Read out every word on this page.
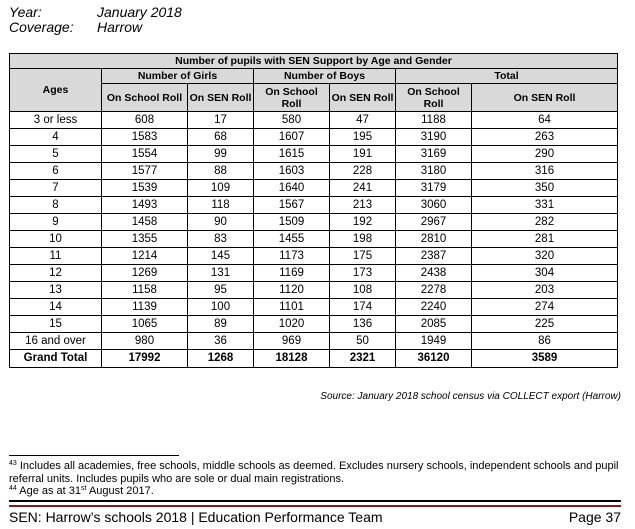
Year:	January 2018
Coverage: Harrow
Number of pupils with SEN Support by Age and Gender						
Ages	Number of Girls		Number of Boys		Total	
	On School Roll	On SEN Roll	On School Roll	On SEN Roll	On School Roll	On SEN Roll
3 or less	608	17	580	47	1188	64
4	1583	68	1607	195	3190	263
5	1554	99	1615	191	3169	290
6	1577	88	1603	228	3180	316
7	1539	109	1640	241	3179	350
8	1493	118	1567	213	3060	331
9	1458	90	1509	192	2967	282
10	1355	83	1455	198	2810	281
11	1214	145	1173	175	2387	320
12	1269	131	1169	173	2438	304
13	1158	95	1120	108	2278	203
14	1139	100	1101	174	2240	274
15	1065	89	1020	136	2085	225
16 and over	980	36	969	50	1949	86
Grand Total	17992	1268	18128	2321	36120	3589
Source: January 2018 school census via COLLECT export (Harrow)

$^{43}$ Includes all academies, free schools, middle schools as deemed. Excludes nursery schools, independent schools and pupil referral units. Includes pupils who are sole or dual main registrations.

$^{44}$ Age as at 31st August 2017.

SEN: Harrow’s schools 2018 | Education Performance Team	Page 37
